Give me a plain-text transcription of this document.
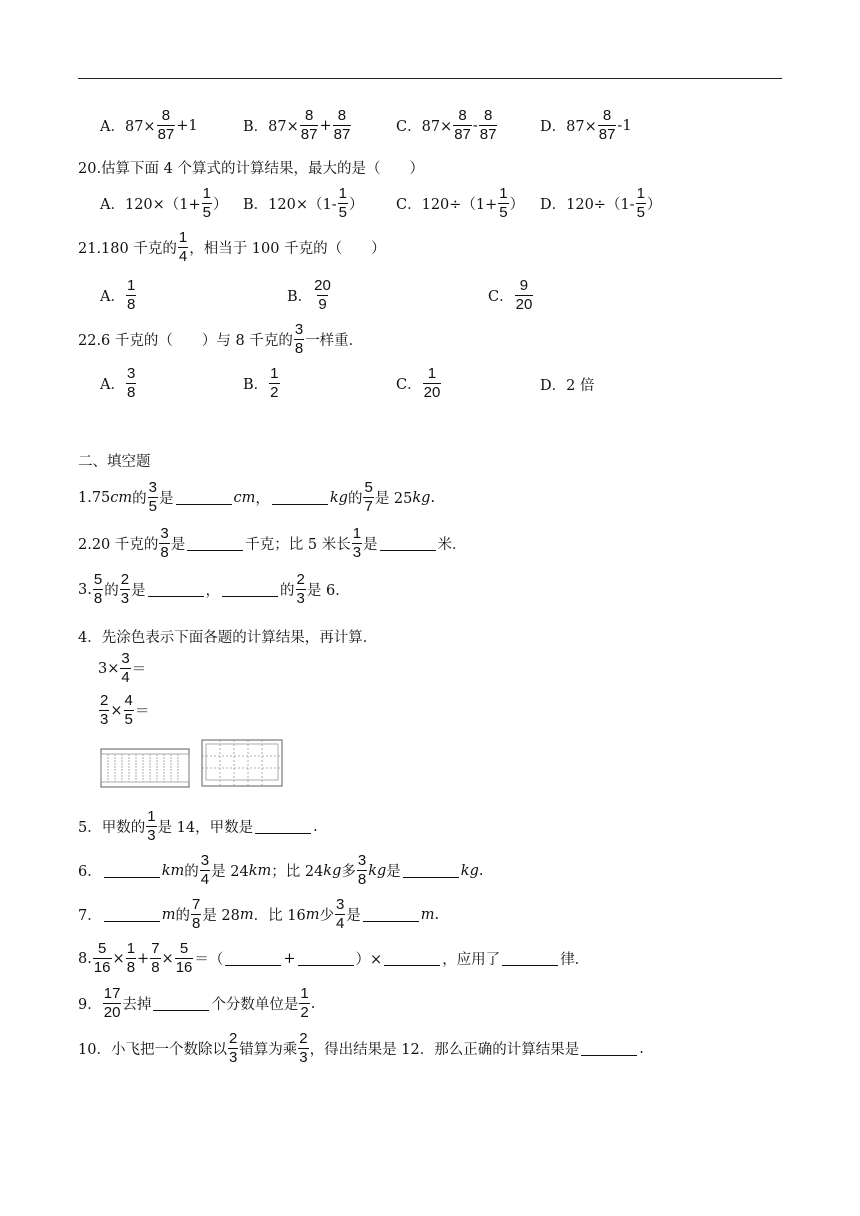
A．$87\times \frac{8}{87} +1$	B．$87\times \frac{8}{87} + \frac{8}{87}$	C．$87\times \frac{8}{87} - \frac{8}{87}$	D．$87\times \frac{8}{87} -1$
20.估算下面 4 个算式的计算结果，最大的是（　　）
A．$120\times(1+ \frac{1}{5}$ ） B．$120\times(1- \frac{1}{5}$ ） C．$120\div(1+ \frac{1}{5}$ ） D．$120\div(1- \frac{1}{5}$ ）
21.180 千克的 $\frac{1}{4}$ ，相当于 100 千克的（　　）
A． $\frac{1}{8}$	B． $\frac{20}{9}$	C． $\frac{9}{20}$
22.6 千克的（　　）与 8 千克的 $\frac{3}{8}$ 一样重．
A． $\frac{3}{8}$	B． $\frac{1}{2}$	C． $\frac{1}{20}$	D．2 倍
二、填空题
1.75 cm 的 $\frac{3}{5}$ 是	cm ，	kg 的 $\frac{5}{7}$ 是 25 kg .
2.20 千克的 $\frac{3}{8}$ 是	千克；比 5 米长 $\frac{1}{3}$ 是	米．
3. $\frac{5}{8}$ 的 $\frac{2}{3}$ 是	，	的 $\frac{2}{3}$ 是 6．
4．先涂色表示下面各题的计算结果，再计算．
$3\times \frac{3}{4}$ ＝
$\frac{2}{3} \times \frac{4}{5}$ ＝
5．甲数的 $\frac{1}{3}$ 是 14，甲数是	.
6．	km 的 $\frac{3}{4}$ 是 24 km ；比 24 kg 多 $\frac{3}{8}$ kg 是	kg .
7．	m 的 $\frac{7}{8}$ 是 28 m ．比 16 m 少 $\frac{3}{4}$ 是	m .
8. $\frac{5}{16} \times \frac{1}{8} + \frac{7}{8} \times \frac{5}{16}$ ＝（	+	）×	，应用了	律．
9． $\frac{17}{20}$ 去掉	个分数单位是 $\frac{1}{2}$ .
10．小飞把一个数除以 $\frac{2}{3}$ 错算为乘 $\frac{2}{3}$ ，得出结果是 12．那么正确的计算结果是	.
